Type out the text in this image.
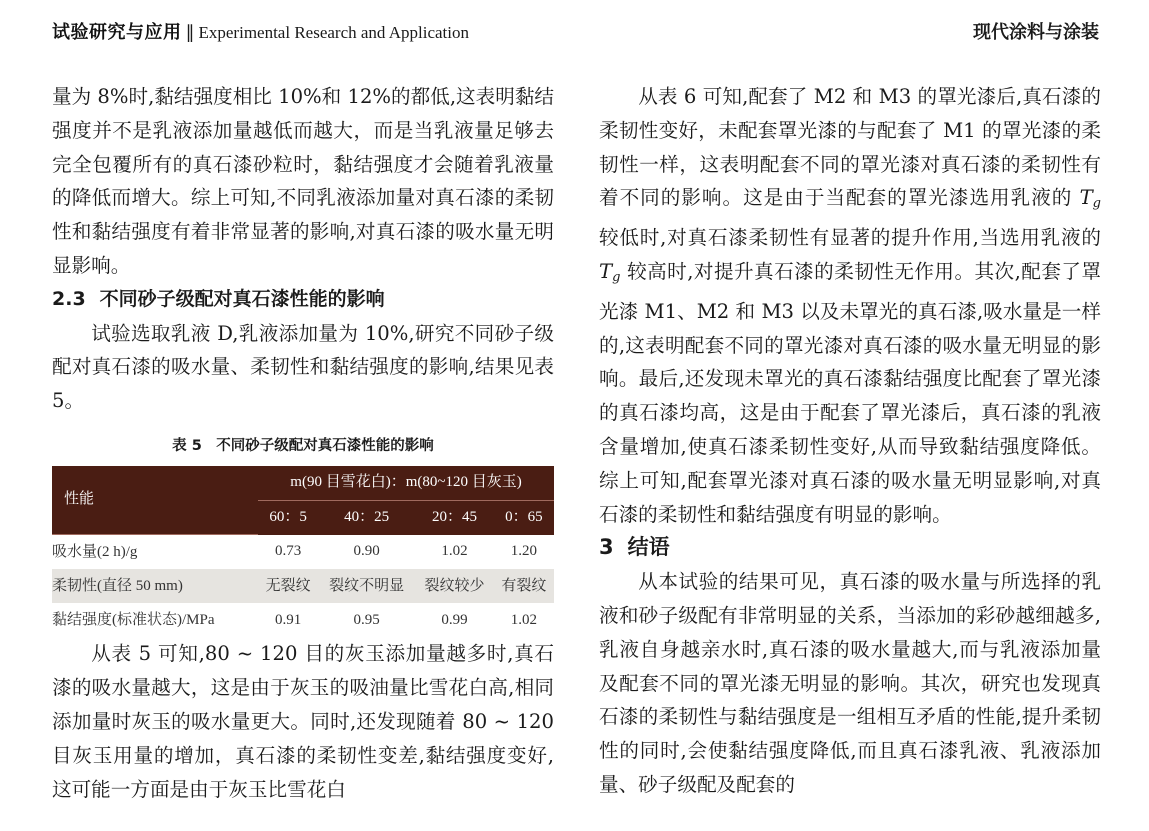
试验研究与应用 ‖ Experimental Research and Application	现代涂料与涂装

量为 8%时,黏结强度相比 10%和 12%的都低,这表明黏结强度并不是乳液添加量越低而越大，而是当乳液量足够去完全包覆所有的真石漆砂粒时，黏结强度才会随着乳液量的降低而增大。综上可知,不同乳液添加量对真石漆的柔韧性和黏结强度有着非常显著的影响,对真石漆的吸水量无明显影响。

2.3 不同砂子级配对真石漆性能的影响

试验选取乳液 D,乳液添加量为 10%,研究不同砂子级配对真石漆的吸水量、柔韧性和黏结强度的影响,结果见表 5。

表 5　不同砂子级配对真石漆性能的影响
性能	m(90 目雪花白)：m(80~120 目灰玉)			
	60：5	40：25	20：45	0：65
吸水量(2 h)/g	0.73	0.90	1.02	1.20
柔韧性(直径 50 mm)	无裂纹	裂纹不明显	裂纹较少	有裂纹
黏结强度(标准状态)/MPa	0.91	0.95	0.99	1.02

从表 5 可知,80 ~ 120 目的灰玉添加量越多时,真石漆的吸水量越大，这是由于灰玉的吸油量比雪花白高,相同添加量时灰玉的吸水量更大。同时,还发现随着 80 ~ 120 目灰玉用量的增加，真石漆的柔韧性变差,黏结强度变好,这可能一方面是由于灰玉比雪花白

从表 6 可知,配套了 M2 和 M3 的罩光漆后,真石漆的柔韧性变好，未配套罩光漆的与配套了 M1 的罩光漆的柔韧性一样，这表明配套不同的罩光漆对真石漆的柔韧性有着不同的影响。这是由于当配套的罩光漆选用乳液的 $T_g$ 较低时,对真石漆柔韧性有显著的提升作用,当选用乳液的 $T_g$ 较高时,对提升真石漆的柔韧性无作用。其次,配套了罩光漆 M1、M2 和 M3 以及未罩光的真石漆,吸水量是一样的,这表明配套不同的罩光漆对真石漆的吸水量无明显的影响。最后,还发现未罩光的真石漆黏结强度比配套了罩光漆的真石漆均高，这是由于配套了罩光漆后，真石漆的乳液含量增加,使真石漆柔韧性变好,从而导致黏结强度降低。综上可知,配套罩光漆对真石漆的吸水量无明显影响,对真石漆的柔韧性和黏结强度有明显的影响。

3 结语

从本试验的结果可见，真石漆的吸水量与所选择的乳液和砂子级配有非常明显的关系，当添加的彩砂越细越多,乳液自身越亲水时,真石漆的吸水量越大,而与乳液添加量及配套不同的罩光漆无明显的影响。其次，研究也发现真石漆的柔韧性与黏结强度是一组相互矛盾的性能,提升柔韧性的同时,会使黏结强度降低,而且真石漆乳液、乳液添加量、砂子级配及配套的
